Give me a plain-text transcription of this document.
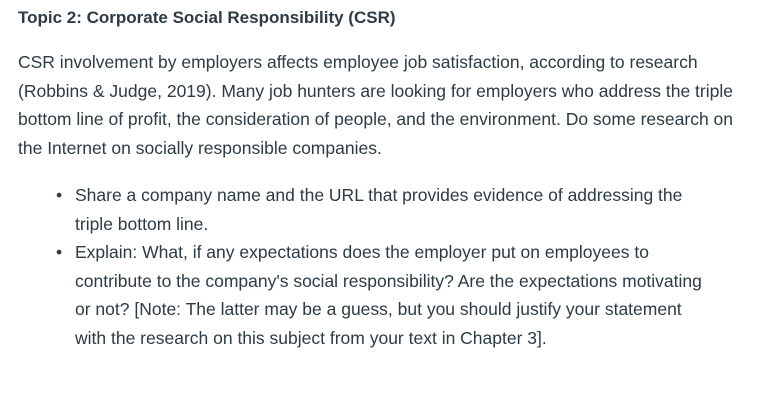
Topic 2: Corporate Social Responsibility (CSR)

CSR involvement by employers affects employee job satisfaction, according to research (Robbins & Judge, 2019). Many job hunters are looking for employers who address the triple bottom line of profit, the consideration of people, and the environment. Do some research on the Internet on socially responsible companies.

• Share a company name and the URL that provides evidence of addressing the triple bottom line.
• Explain: What, if any expectations does the employer put on employees to contribute to the company's social responsibility? Are the expectations motivating or not? [Note: The latter may be a guess, but you should justify your statement with the research on this subject from your text in Chapter 3].
